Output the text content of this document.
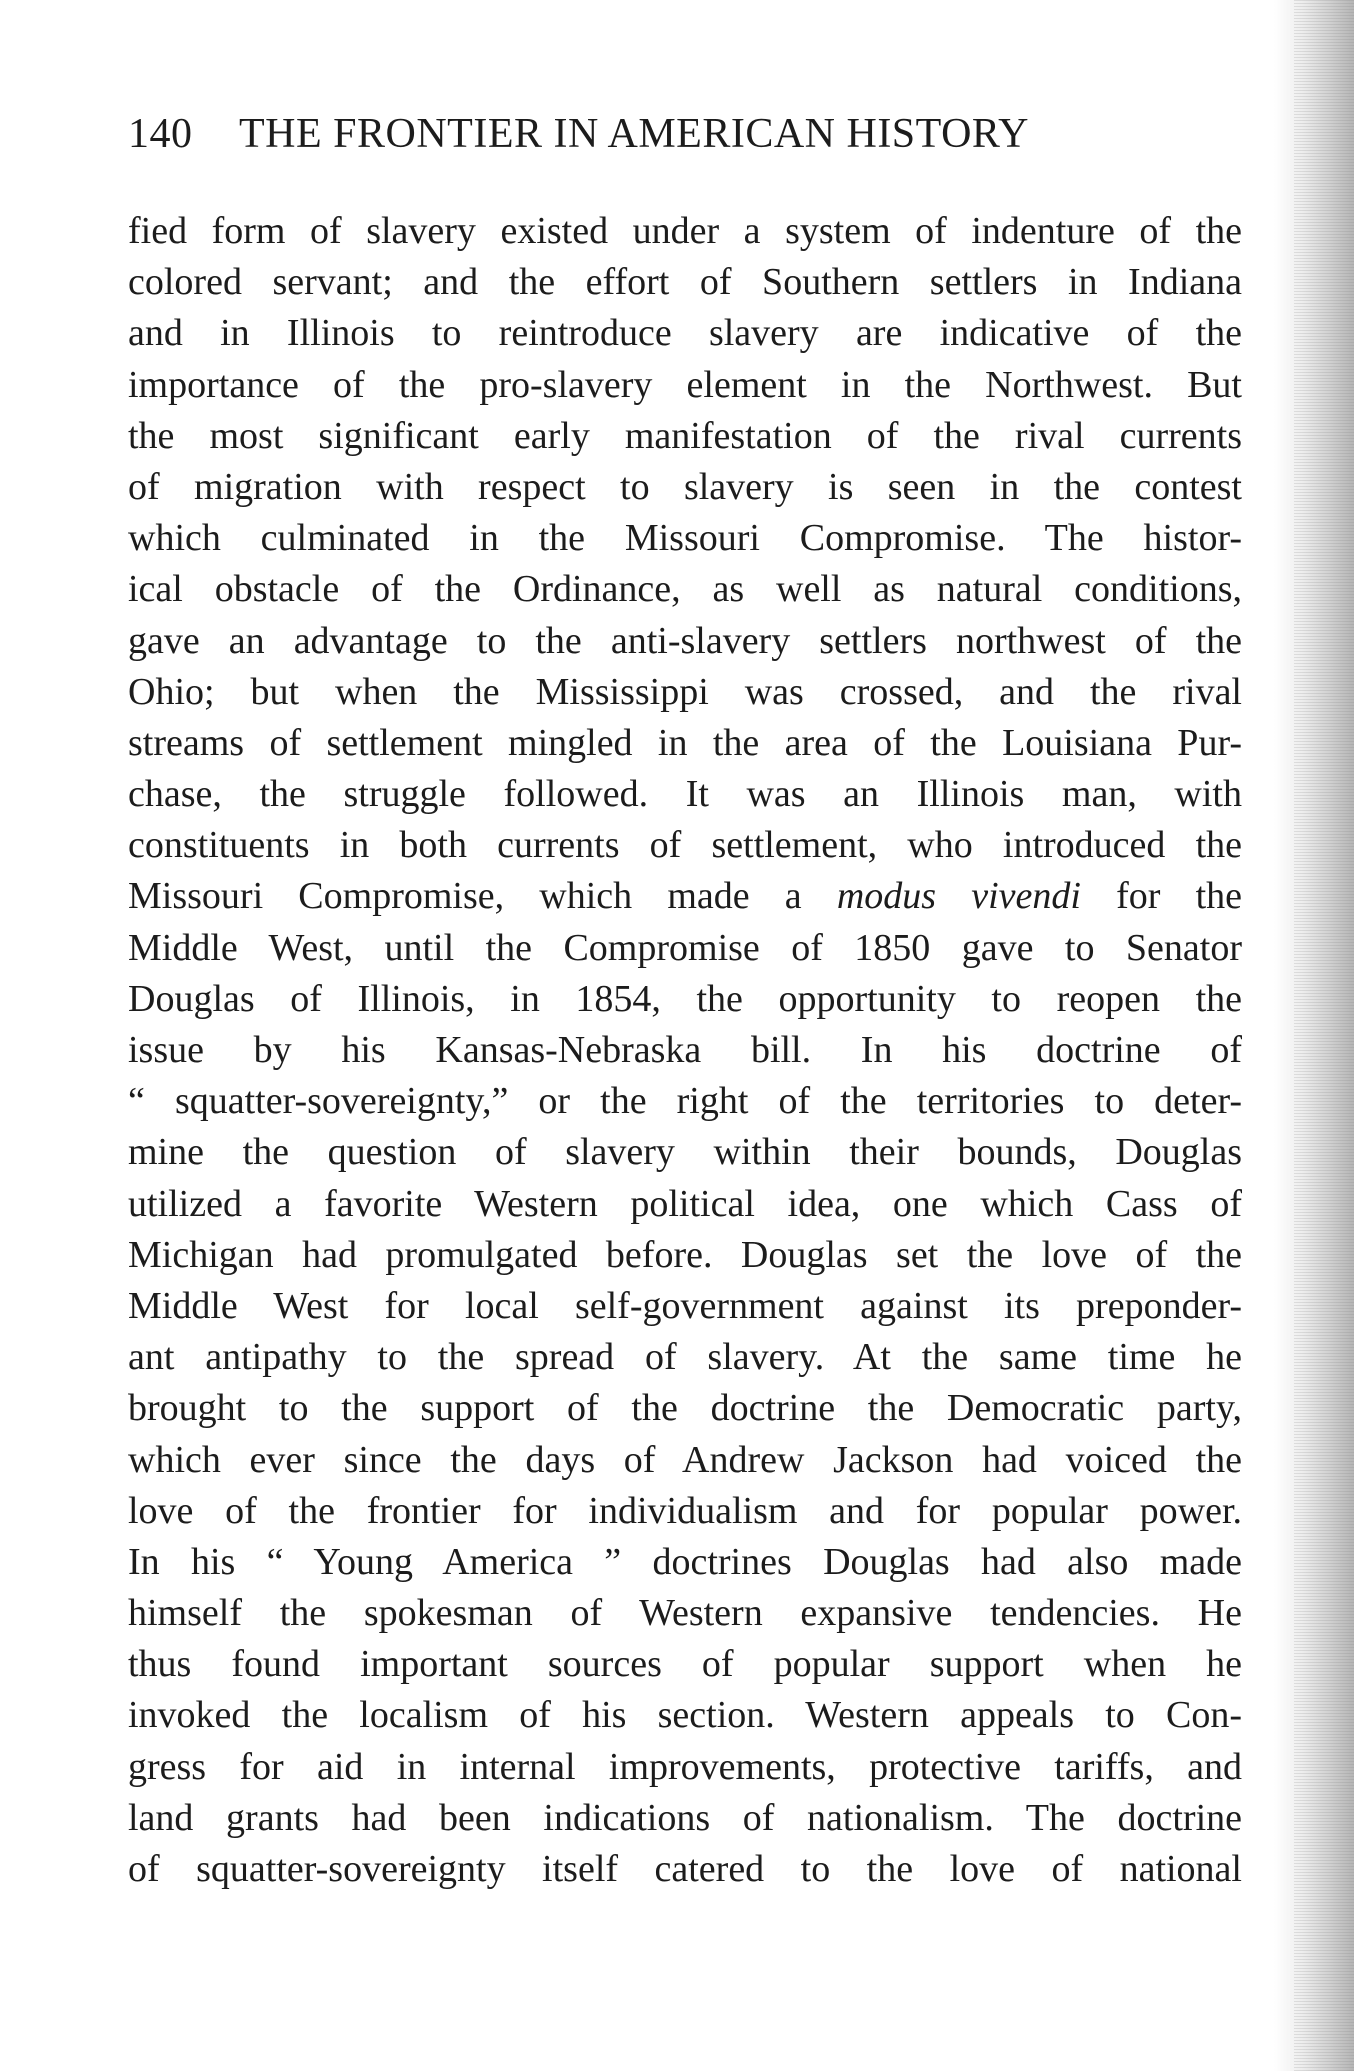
140 THE FRONTIER IN AMERICAN HISTORY
fied form of slavery existed under a system of indenture of the
colored servant; and the effort of Southern settlers in Indiana
and in Illinois to reintroduce slavery are indicative of the
importance of the pro-slavery element in the Northwest. But
the most significant early manifestation of the rival currents
of migration with respect to slavery is seen in the contest
which culminated in the Missouri Compromise. The histor-
ical obstacle of the Ordinance, as well as natural conditions,
gave an advantage to the anti-slavery settlers northwest of the
Ohio; but when the Mississippi was crossed, and the rival
streams of settlement mingled in the area of the Louisiana Pur-
chase, the struggle followed. It was an Illinois man, with
constituents in both currents of settlement, who introduced the
Missouri Compromise, which made a modus vivendi for the
Middle West, until the Compromise of 1850 gave to Senator
Douglas of Illinois, in 1854, the opportunity to reopen the
issue by his Kansas-Nebraska bill. In his doctrine of
“ squatter-sovereignty,” or the right of the territories to deter-
mine the question of slavery within their bounds, Douglas
utilized a favorite Western political idea, one which Cass of
Michigan had promulgated before. Douglas set the love of the
Middle West for local self-government against its preponder-
ant antipathy to the spread of slavery. At the same time he
brought to the support of the doctrine the Democratic party,
which ever since the days of Andrew Jackson had voiced the
love of the frontier for individualism and for popular power.
In his “ Young America ” doctrines Douglas had also made
himself the spokesman of Western expansive tendencies. He
thus found important sources of popular support when he
invoked the localism of his section. Western appeals to Con-
gress for aid in internal improvements, protective tariffs, and
land grants had been indications of nationalism. The doctrine
of squatter-sovereignty itself catered to the love of national
